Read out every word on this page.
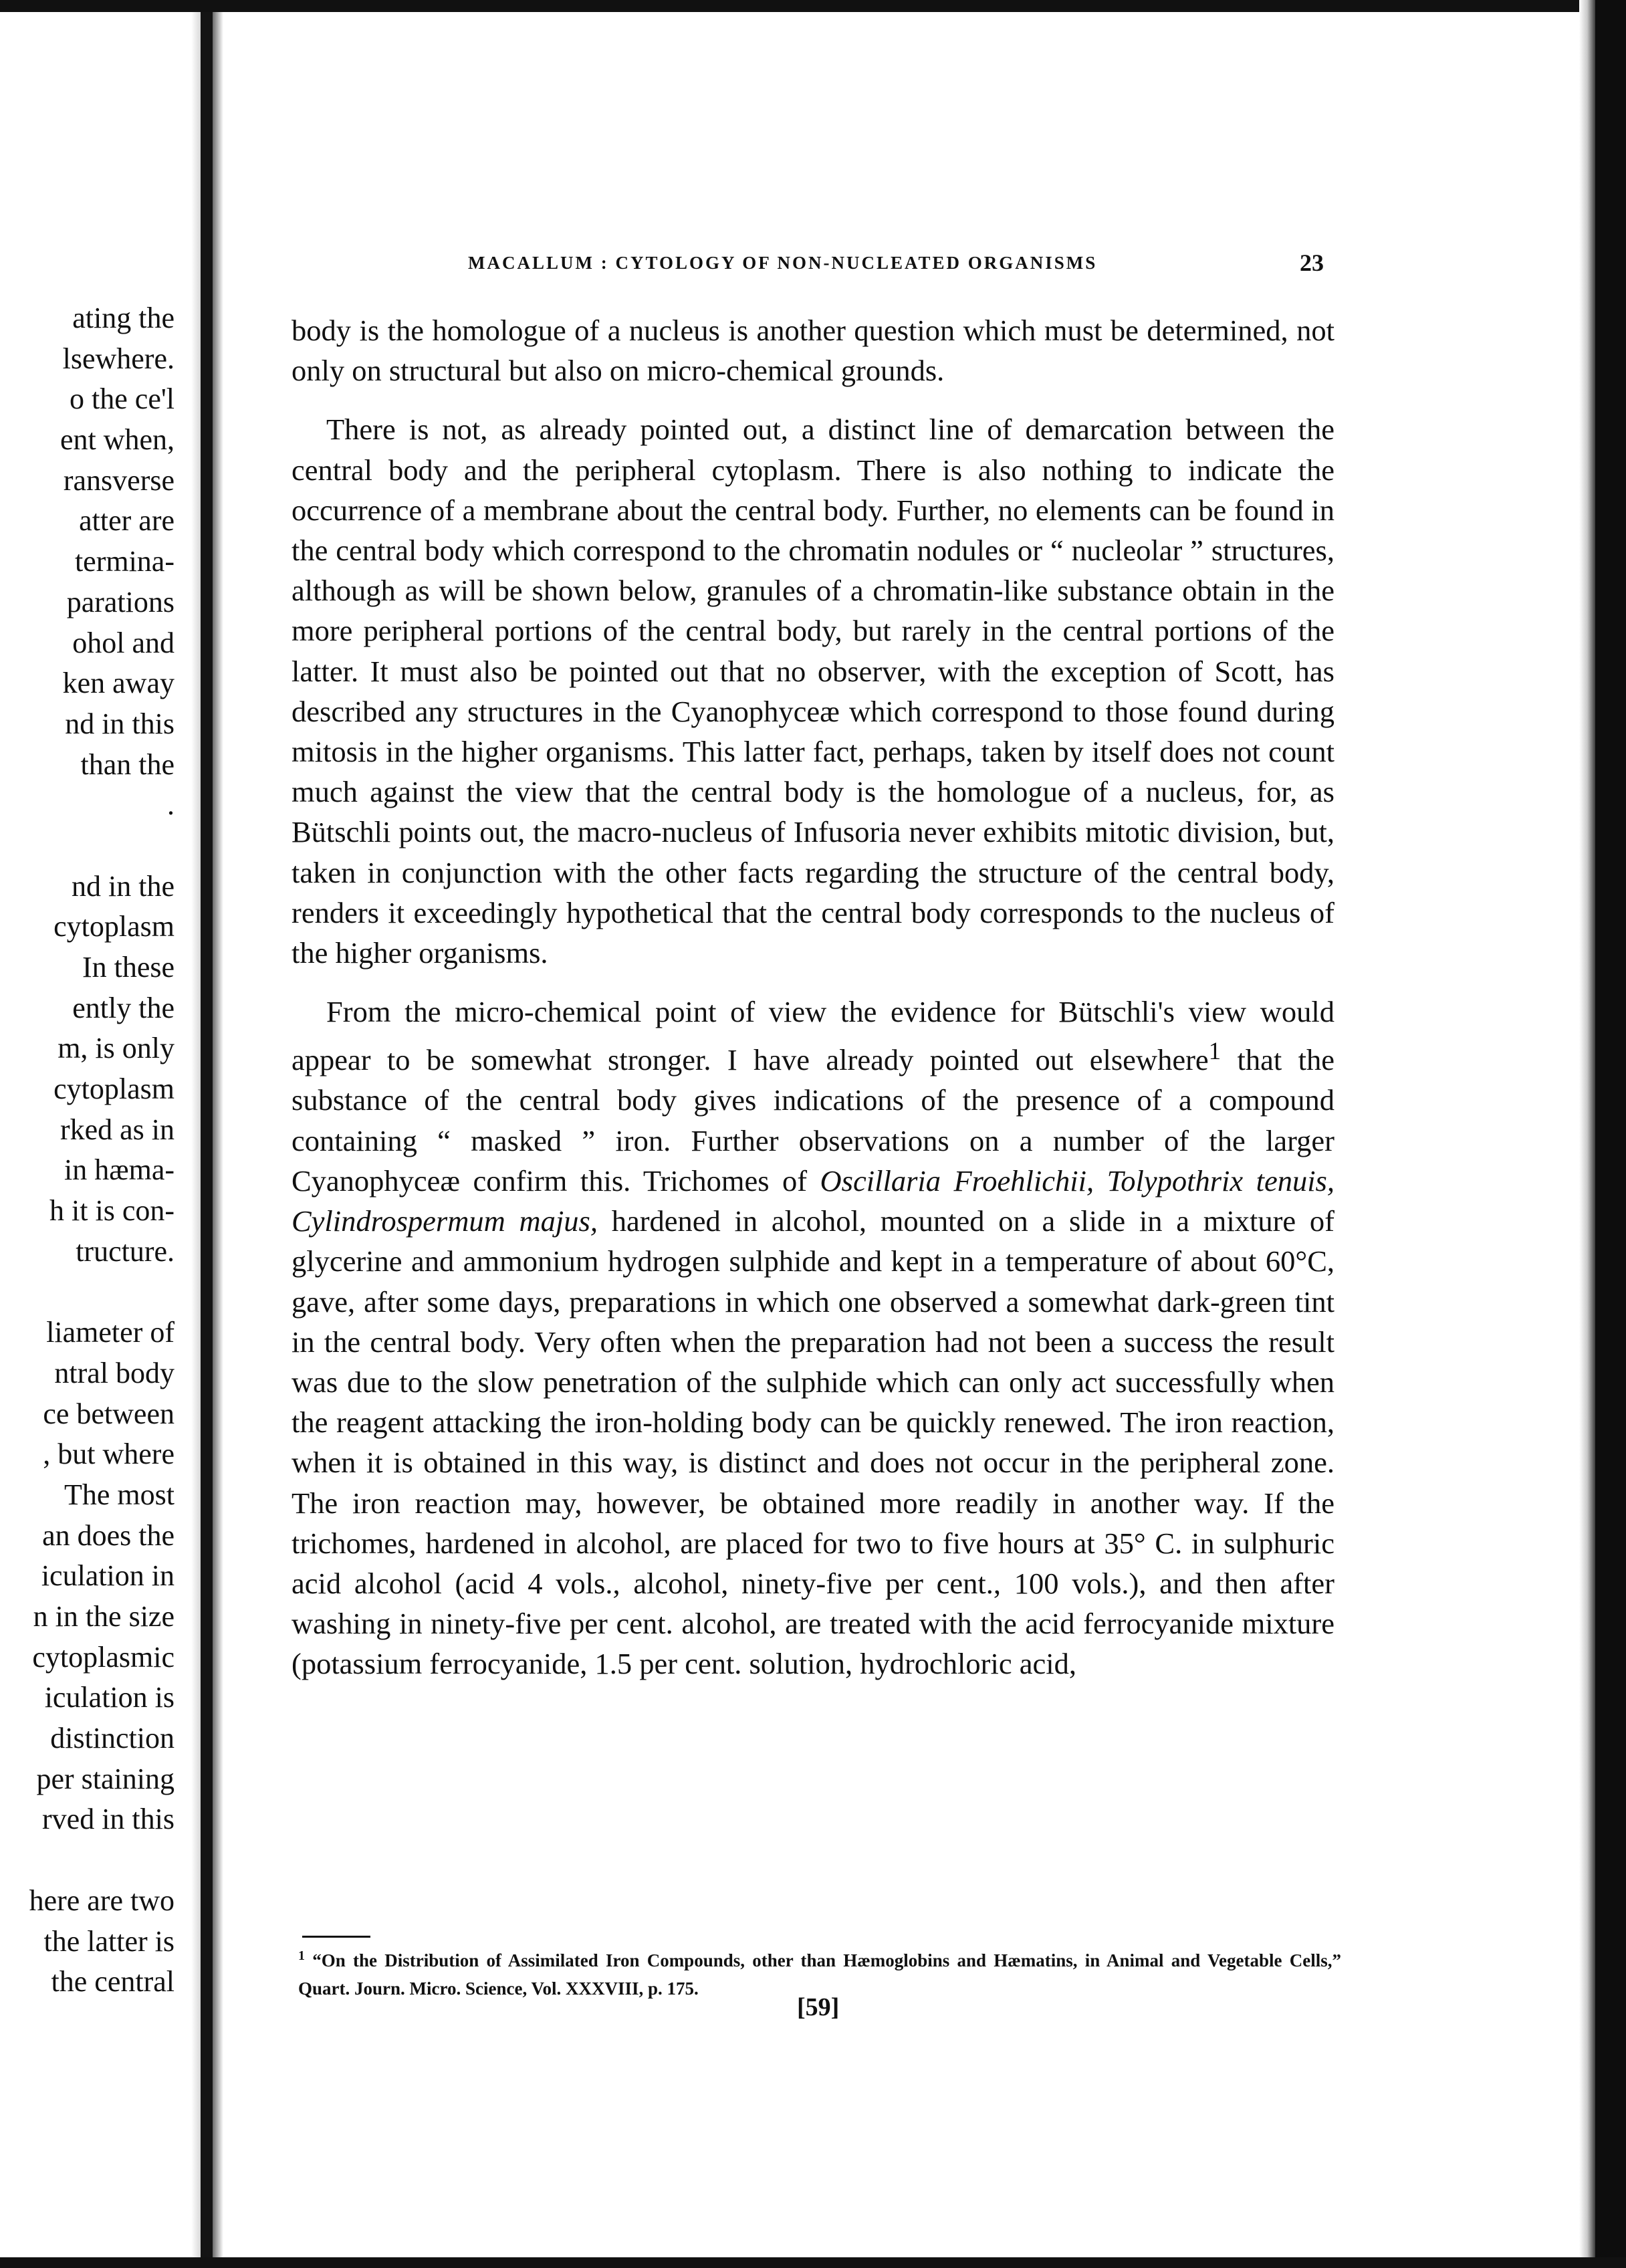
ating the
lsewhere.
o the ce'l
ent when,
ransverse
atter are
termina-
parations
ohol and
ken away
nd in this
than the
.
nd in the
cytoplasm
In these
ently the
m, is only
cytoplasm
rked as in
in hæma-
h it is con-
tructure.
liameter of
ntral body
ce between
, but where
The most
an does the
iculation in
n in the size
cytoplasmic
iculation is
distinction
per staining
rved in this
here are two
the latter is
the central
MACALLUM : CYTOLOGY OF NON-NUCLEATED ORGANISMS	23

body is the homologue of a nucleus is another question which must be determined, not only on structural but also on micro-chemical grounds.

There is not, as already pointed out, a distinct line of demarcation between the central body and the peripheral cytoplasm. There is also nothing to indicate the occurrence of a membrane about the central body. Further, no elements can be found in the central body which correspond to the chromatin nodules or “ nucleolar ” structures, although as will be shown below, granules of a chromatin-like substance obtain in the more peripheral portions of the central body, but rarely in the central portions of the latter. It must also be pointed out that no observer, with the exception of Scott, has described any structures in the Cyanophyceæ which correspond to those found during mitosis in the higher organisms. This latter fact, perhaps, taken by itself does not count much against the view that the central body is the homologue of a nucleus, for, as Bütschli points out, the macro-nucleus of Infusoria never exhibits mitotic division, but, taken in conjunction with the other facts regarding the structure of the central body, renders it exceedingly hypothetical that the central body corresponds to the nucleus of the higher organisms.

From the micro-chemical point of view the evidence for Bütschli's view would appear to be somewhat stronger. I have already pointed out elsewhere$^1$ that the substance of the central body gives indications of the presence of a compound containing “ masked ” iron. Further observations on a number of the larger Cyanophyceæ confirm this. Trichomes of Oscillaria Froehlichii, Tolypothrix tenuis, Cylindrospermum majus, hardened in alcohol, mounted on a slide in a mixture of glycerine and ammonium hydrogen sulphide and kept in a temperature of about 60°C, gave, after some days, preparations in which one observed a somewhat dark-green tint in the central body. Very often when the preparation had not been a success the result was due to the slow penetration of the sulphide which can only act successfully when the reagent attacking the iron-holding body can be quickly renewed. The iron reaction, when it is obtained in this way, is distinct and does not occur in the peripheral zone. The iron reaction may, however, be obtained more readily in another way. If the trichomes, hardened in alcohol, are placed for two to five hours at 35° C. in sulphuric acid alcohol (acid 4 vols., alcohol, ninety-five per cent., 100 vols.), and then after washing in ninety-five per cent. alcohol, are treated with the acid ferrocyanide mixture (potassium ferrocyanide, 1.5 per cent. solution, hydrochloric acid,

$^1$ “On the Distribution of Assimilated Iron Compounds, other than Hæmoglobins and Hæmatins, in Animal and Vegetable Cells,” Quart. Journ. Micro. Science, Vol. XXXVIII, p. 175.
[59]
